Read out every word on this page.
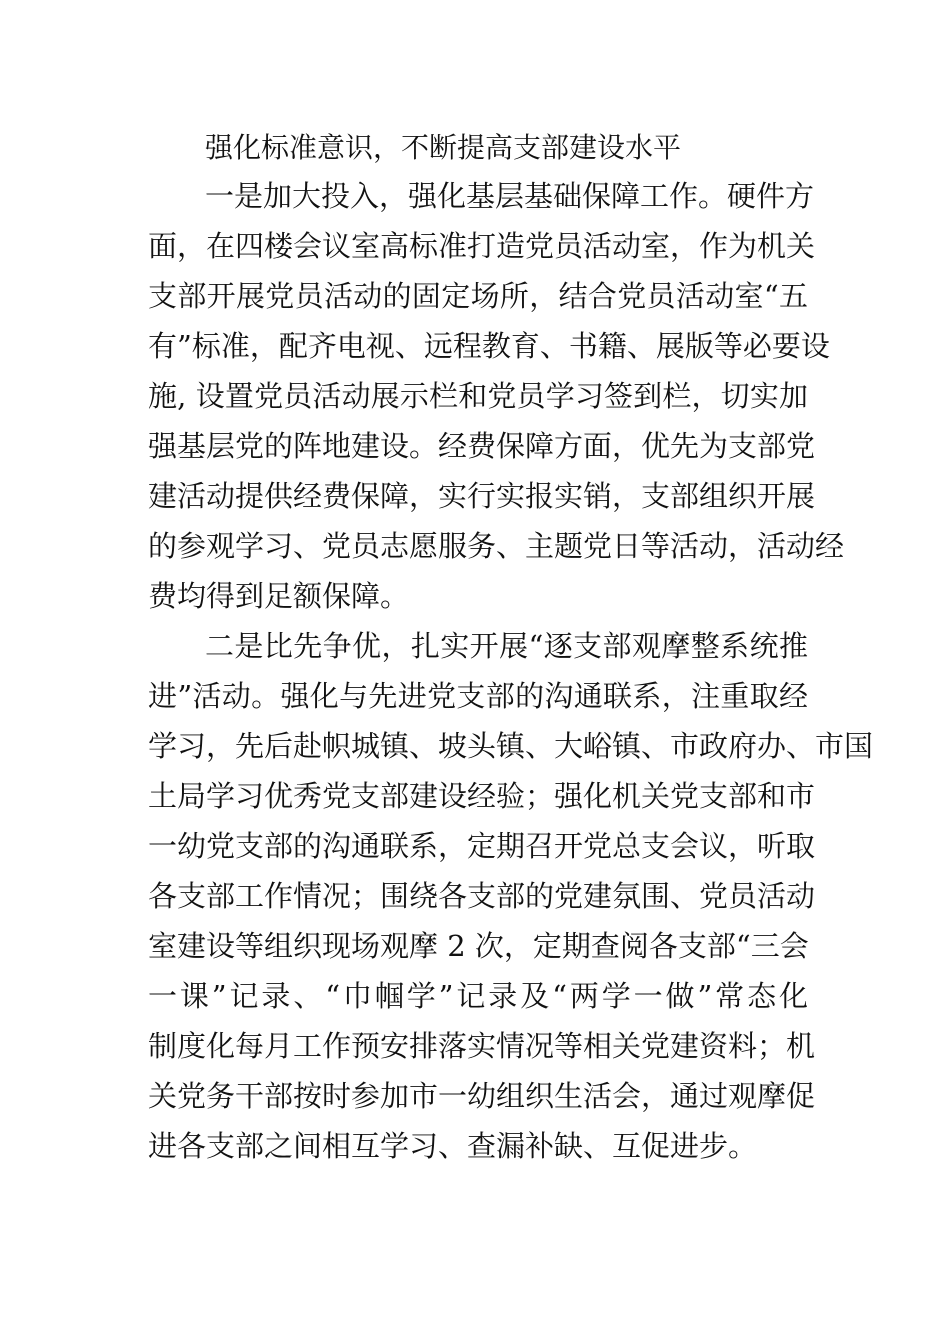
强化标准意识，不断提高支部建设水平
一是加大投入，强化基层基础保障工作。硬件方
面，在四楼会议室高标准打造党员活动室，作为机关
支部开展党员活动的固定场所，结合党员活动室“五
有”标准，配齐电视、远程教育、书籍、展版等必要设
施, 设置党员活动展示栏和党员学习签到栏，切实加
强基层党的阵地建设。经费保障方面，优先为支部党
建活动提供经费保障，实行实报实销，支部组织开展
的参观学习、党员志愿服务、主题党日等活动，活动经
费均得到足额保障。
二是比先争优，扎实开展“逐支部观摩整系统推
进”活动。强化与先进党支部的沟通联系，注重取经
学习，先后赴帜城镇、坡头镇、大峪镇、市政府办、市国
土局学习优秀党支部建设经验；强化机关党支部和市
一幼党支部的沟通联系，定期召开党总支会议，听取
各支部工作情况；围绕各支部的党建氛围、党员活动
室建设等组织现场观摩 2 次，定期查阅各支部“三会
一课”记录、“巾帼学”记录及“两学一做”常态化
制度化每月工作预安排落实情况等相关党建资料；机
关党务干部按时参加市一幼组织生活会，通过观摩促
进各支部之间相互学习、查漏补缺、互促进步。
